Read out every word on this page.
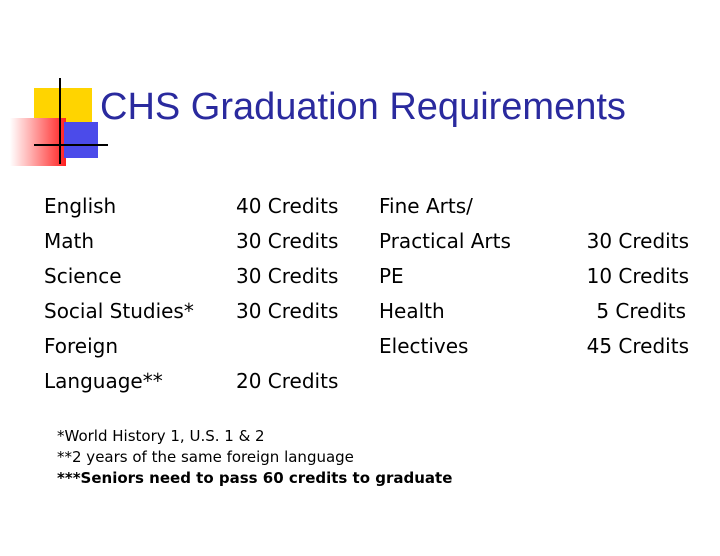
CHS Graduation Requirements
English	40 Credits
Math	30 Credits
Science	30 Credits
Social Studies* 30 Credits
Foreign
Language**	20 Credits
Fine Arts/
Practical Arts	30 Credits
PE	10 Credits
Health	5 Credits
Electives	45 Credits
*World History 1, U.S. 1 & 2
**2 years of the same foreign language
***Seniors need to pass 60 credits to graduate
